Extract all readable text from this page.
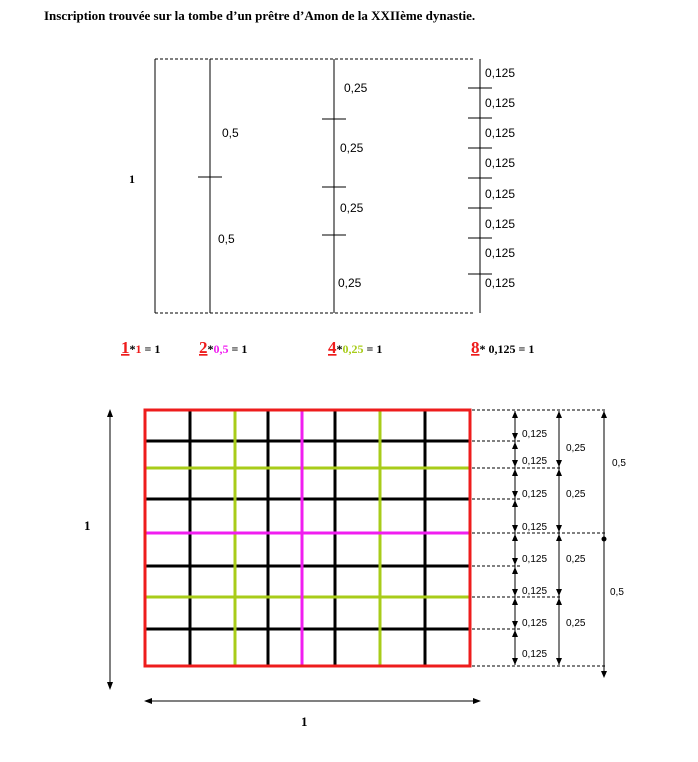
Inscription trouvée sur la tombe d’un prêtre d’Amon de la XXIIème dynastie.
1
0,5
0,5
0,25
0,25
0,25
0,25
0,125
0,125
0,125
0,125
0,125
0,125
0,125
0,125
1*1 = 1 2*0,5 = 1	4*0,25 = 1	8* 0,125 = 1
1
1
0,125
0,125
0,125
0,125
0,125
0,125
0,125
0,125
0,25
0,25
0,25
0,25
0,5
0,5
